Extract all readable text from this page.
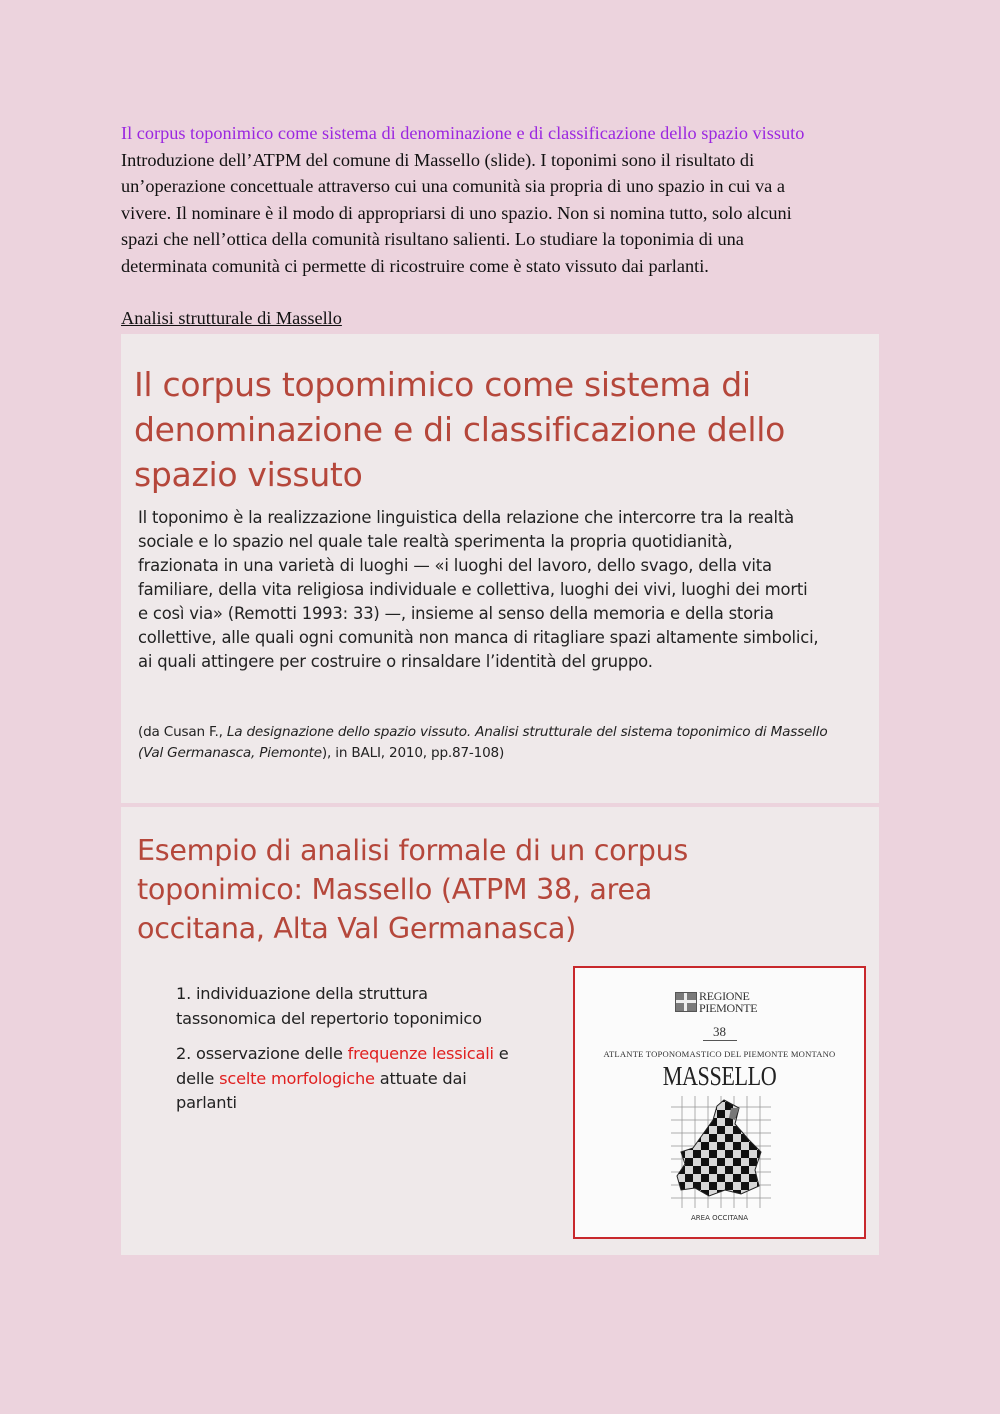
Il corpus toponimico come sistema di denominazione e di classificazione dello spazio vissuto

Introduzione dell’ATPM del comune di Massello (slide). I toponimi sono il risultato di
un’operazione concettuale attraverso cui una comunità sia propria di uno spazio in cui va a
vivere. Il nominare è il modo di appropriarsi di uno spazio. Non si nomina tutto, solo alcuni
spazi che nell’ottica della comunità risultano salienti. Lo studiare la toponimia di una
determinata comunità ci permette di ricostruire come è stato vissuto dai parlanti.

Analisi strutturale di Massello

Il corpus topomimico come sistema di
denominazione e di classificazione dello
spazio vissuto

Il toponimo è la realizzazione linguistica della relazione che intercorre tra la realtà
sociale e lo spazio nel quale tale realtà sperimenta la propria quotidianità,
frazionata in una varietà di luoghi — «i luoghi del lavoro, dello svago, della vita
familiare, della vita religiosa individuale e collettiva, luoghi dei vivi, luoghi dei morti
e così via» (Remotti 1993: 33) —, insieme al senso della memoria e della storia
collettive, alle quali ogni comunità non manca di ritagliare spazi altamente simbolici,
ai quali attingere per costruire o rinsaldare l’identità del gruppo.

(da Cusan F., La designazione dello spazio vissuto. Analisi strutturale del sistema toponimico di Massello
(Val Germanasca, Piemonte), in BALI, 2010, pp.87-108)

Esempio di analisi formale di un corpus
toponimico: Massello (ATPM 38, area
occitana, Alta Val Germanasca)

1. individuazione della struttura
tassonomica del repertorio toponimico

2. osservazione delle frequenze lessicali e
delle scelte morfologiche attuate dai
parlanti

REGIONE
PIEMONTE
38
ATLANTE TOPONOMASTICO DEL PIEMONTE MONTANO
MASSELLO
AREA OCCITANA
